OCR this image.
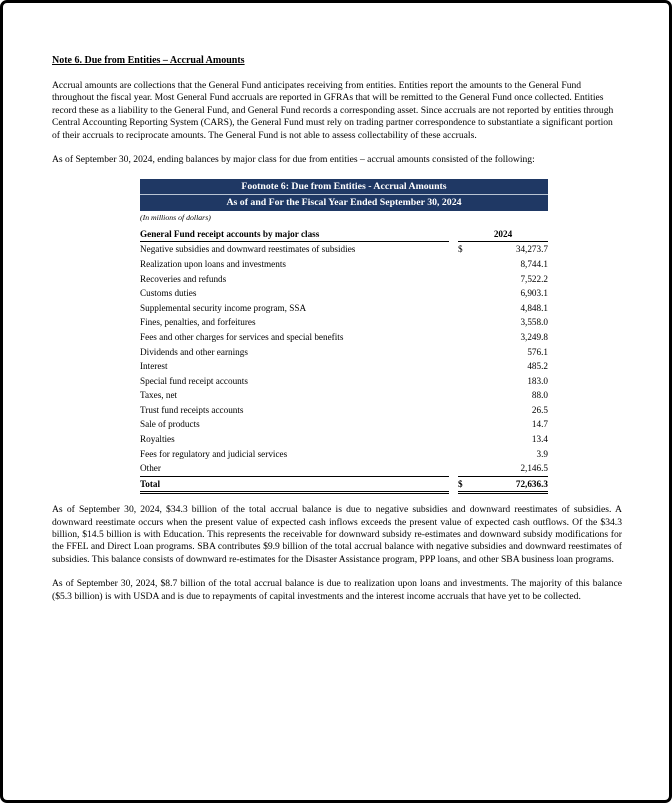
Note 6. Due from Entities – Accrual Amounts

Accrual amounts are collections that the General Fund anticipates receiving from entities. Entities report the amounts to the General Fund throughout the fiscal year. Most General Fund accruals are reported in GFRAs that will be remitted to the General Fund once collected. Entities record these as a liability to the General Fund, and General Fund records a corresponding asset. Since accruals are not reported by entities through Central Accounting Reporting System (CARS), the General Fund must rely on trading partner correspondence to substantiate a significant portion of their accruals to reciprocate amounts. The General Fund is not able to assess collectability of these accruals.

As of September 30, 2024, ending balances by major class for due from entities – accrual amounts consisted of the following:

Footnote 6: Due from Entities - Accrual Amounts
As of and For the Fiscal Year Ended September 30, 2024
(In millions of dollars)
General Fund receipt accounts by major class		2024	
Negative subsidies and downward reestimates of subsidies		$	34,273.7
Realization upon loans and investments			8,744.1
Recoveries and refunds			7,522.2
Customs duties			6,903.1
Supplemental security income program, SSA			4,848.1
Fines, penalties, and forfeitures			3,558.0
Fees and other charges for services and special benefits			3,249.8
Dividends and other earnings			576.1
Interest			485.2
Special fund receipt accounts			183.0
Taxes, net			88.0
Trust fund receipts accounts			26.5
Sale of products			14.7
Royalties			13.4
Fees for regulatory and judicial services			3.9
Other			2,146.5
Total		$	72,636.3

As of September 30, 2024, $34.3 billion of the total accrual balance is due to negative subsidies and downward reestimates of subsidies. A downward reestimate occurs when the present value of expected cash inflows exceeds the present value of expected cash outflows. Of the $34.3 billion, $14.5 billion is with Education. This represents the receivable for downward subsidy re-estimates and downward subsidy modifications for the FFEL and Direct Loan programs. SBA contributes $9.9 billion of the total accrual balance with negative subsidies and downward reestimates of subsidies. This balance consists of downward re-estimates for the Disaster Assistance program, PPP loans, and other SBA business loan programs.

As of September 30, 2024, $8.7 billion of the total accrual balance is due to realization upon loans and investments. The majority of this balance ($5.3 billion) is with USDA and is due to repayments of capital investments and the interest income accruals that have yet to be collected.
